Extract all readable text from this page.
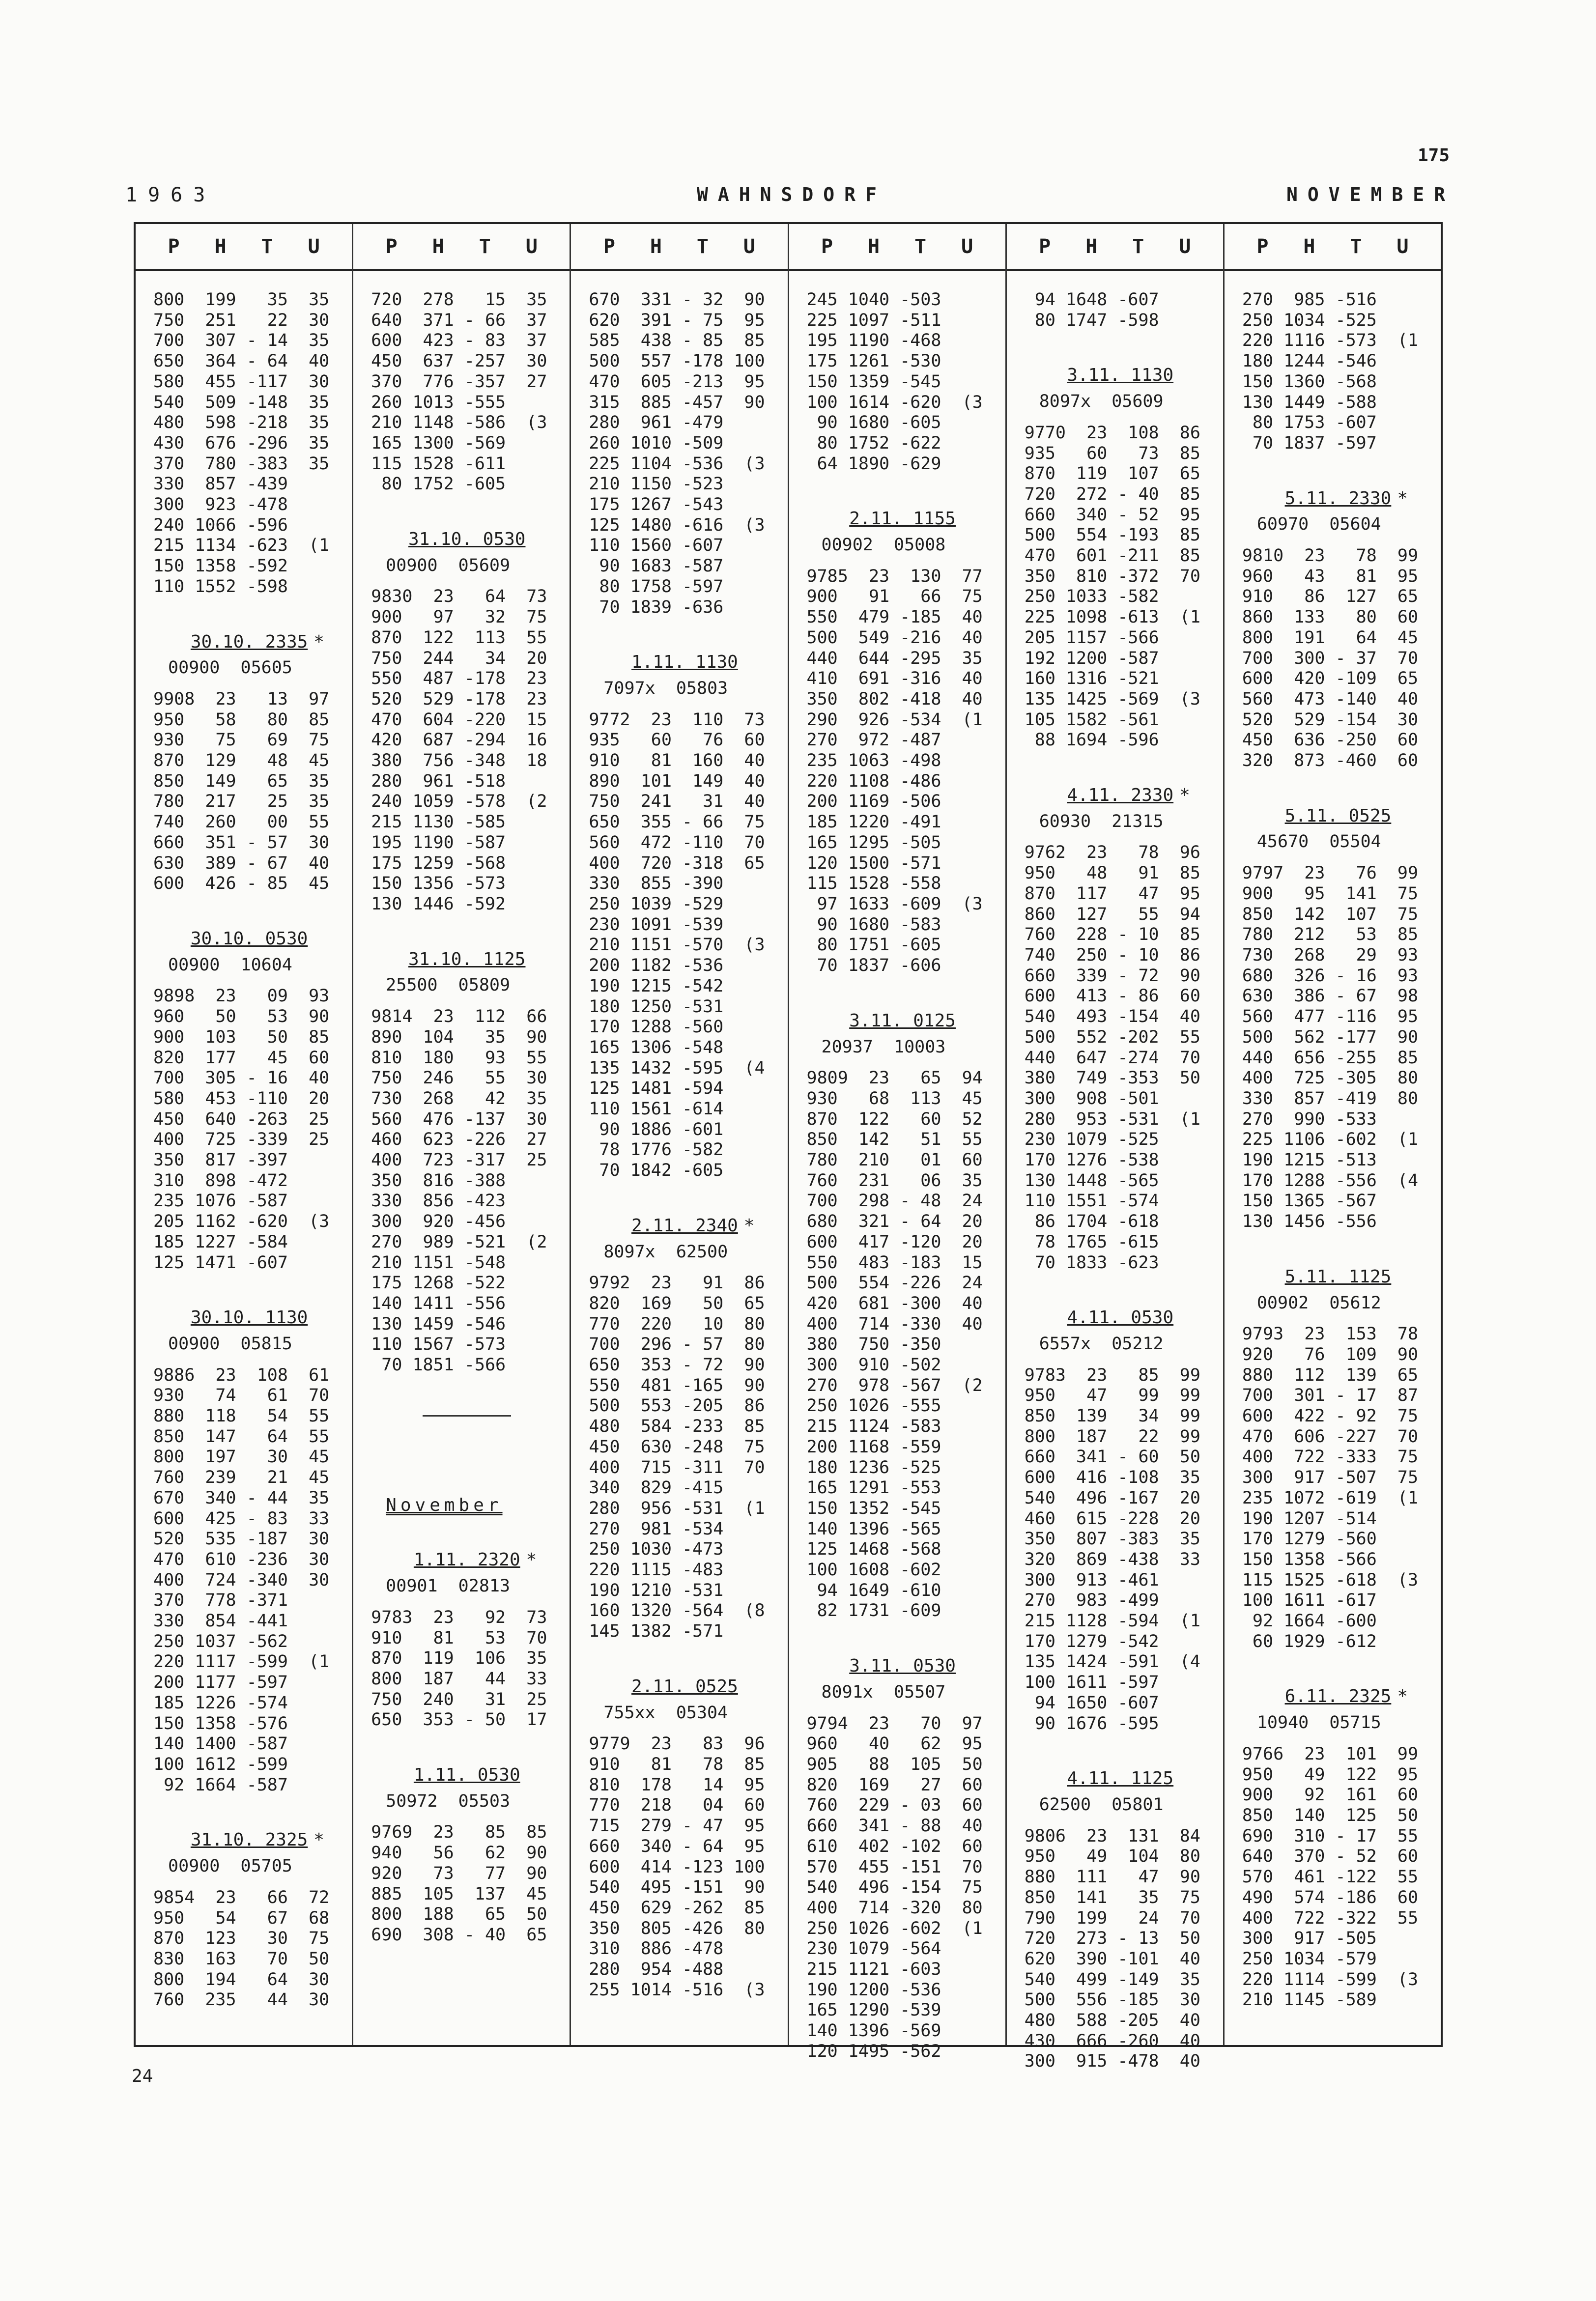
175
1963	WAHNSDORF	NOVEMBER
P H T U
800  199   35  35
750  251   22  30
700  307 - 14  35
650  364 - 64  40
580  455 -117  30
540  509 -148  35
480  598 -218  35
430  676 -296  35
370  780 -383  35
330  857 -439
300  923 -478
240 1066 -596
215 1134 -623  (1
150 1358 -592
110 1552 -598
30.10. 2335 *
00900  05605
9908  23   13  97
950   58   80  85
930   75   69  75
870  129   48  45
850  149   65  35
780  217   25  35
740  260   00  55
660  351 - 57  30
630  389 - 67  40
600  426 - 85  45
30.10. 0530
00900  10604
9898  23   09  93
960   50   53  90
900  103   50  85
820  177   45  60
700  305 - 16  40
580  453 -110  20
450  640 -263  25
400  725 -339  25
350  817 -397
310  898 -472
235 1076 -587
205 1162 -620  (3
185 1227 -584
125 1471 -607
30.10. 1130
00900  05815
9886  23  108  61
930   74   61  70
880  118   54  55
850  147   64  55
800  197   30  45
760  239   21  45
670  340 - 44  35
600  425 - 83  33
520  535 -187  30
470  610 -236  30
400  724 -340  30
370  778 -371
330  854 -441
250 1037 -562
220 1117 -599  (1
200 1177 -597
185 1226 -574
150 1358 -576
140 1400 -587
100 1612 -599
92 1664 -587
31.10. 2325 *
00900  05705
9854  23   66  72
950   54   67  68
870  123   30  75
830  163   70  50
800  194   64  30
760  235   44  30
P H T U
720  278   15  35
640  371 - 66  37
600  423 - 83  37
450  637 -257  30
370  776 -357  27
260 1013 -555
210 1148 -586  (3
165 1300 -569
115 1528 -611
80 1752 -605
31.10. 0530
00900  05609
9830  23   64  73
900   97   32  75
870  122  113  55
750  244   34  20
550  487 -178  23
520  529 -178  23
470  604 -220  15
420  687 -294  16
380  756 -348  18
280  961 -518
240 1059 -578  (2
215 1130 -585
195 1190 -587
175 1259 -568
150 1356 -573
130 1446 -592
31.10. 1125
25500  05809
9814  23  112  66
890  104   35  90
810  180   93  55
750  246   55  30
730  268   42  35
560  476 -137  30
460  623 -226  27
400  723 -317  25
350  816 -388
330  856 -423
300  920 -456
270  989 -521  (2
210 1151 -548
175 1268 -522
140 1411 -556
130 1459 -546
110 1567 -573
70 1851 -566
November
1.11. 2320 *
00901  02813
9783  23   92  73
910   81   53  70
870  119  106  35
800  187   44  33
750  240   31  25
650  353 - 50  17
1.11. 0530
50972  05503
9769  23   85  85
940   56   62  90
920   73   77  90
885  105  137  45
800  188   65  50
690  308 - 40  65
P H T U
670  331 - 32  90
620  391 - 75  95
585  438 - 85  85
500  557 -178 100
470  605 -213  95
315  885 -457  90
280  961 -479
260 1010 -509
225 1104 -536  (3
210 1150 -523
175 1267 -543
125 1480 -616  (3
110 1560 -607
90 1683 -587
80 1758 -597
70 1839 -636
1.11. 1130
7097x  05803
9772  23  110  73
935   60   76  60
910   81  160  40
890  101  149  40
750  241   31  40
650  355 - 66  75
560  472 -110  70
400  720 -318  65
330  855 -390
250 1039 -529
230 1091 -539
210 1151 -570  (3
200 1182 -536
190 1215 -542
180 1250 -531
170 1288 -560
165 1306 -548
135 1432 -595  (4
125 1481 -594
110 1561 -614
90 1886 -601
78 1776 -582
70 1842 -605
2.11. 2340 *
8097x  62500
9792  23   91  86
820  169   50  65
770  220   10  80
700  296 - 57  80
650  353 - 72  90
550  481 -165  90
500  553 -205  86
480  584 -233  85
450  630 -248  75
400  715 -311  70
340  829 -415
280  956 -531  (1
270  981 -534
250 1030 -473
220 1115 -483
190 1210 -531
160 1320 -564  (8
145 1382 -571
2.11. 0525
755xx  05304
9779  23   83  96
910   81   78  85
810  178   14  95
770  218   04  60
715  279 - 47  95
660  340 - 64  95
600  414 -123 100
540  495 -151  90
450  629 -262  85
350  805 -426  80
310  886 -478
280  954 -488
255 1014 -516  (3
P H T U
245 1040 -503
225 1097 -511
195 1190 -468
175 1261 -530
150 1359 -545
100 1614 -620  (3
90 1680 -605
80 1752 -622
64 1890 -629
2.11. 1155
00902  05008
9785  23  130  77
900   91   66  75
550  479 -185  40
500  549 -216  40
440  644 -295  35
410  691 -316  40
350  802 -418  40
290  926 -534  (1
270  972 -487
235 1063 -498
220 1108 -486
200 1169 -506
185 1220 -491
165 1295 -505
120 1500 -571
115 1528 -558
97 1633 -609  (3
90 1680 -583
80 1751 -605
70 1837 -606
3.11. 0125
20937  10003
9809  23   65  94
930   68  113  45
870  122   60  52
850  142   51  55
780  210   01  60
760  231   06  35
700  298 - 48  24
680  321 - 64  20
600  417 -120  20
550  483 -183  15
500  554 -226  24
420  681 -300  40
400  714 -330  40
380  750 -350
300  910 -502
270  978 -567  (2
250 1026 -555
215 1124 -583
200 1168 -559
180 1236 -525
165 1291 -553
150 1352 -545
140 1396 -565
125 1468 -568
100 1608 -602
94 1649 -610
82 1731 -609
3.11. 0530
8091x  05507
9794  23   70  97
960   40   62  95
905   88  105  50
820  169   27  60
760  229 - 03  60
660  341 - 88  40
610  402 -102  60
570  455 -151  70
540  496 -154  75
400  714 -320  80
250 1026 -602  (1
230 1079 -564
215 1121 -603
190 1200 -536
165 1290 -539
140 1396 -569
120 1495 -562
P H T U
94 1648 -607
80 1747 -598
3.11. 1130
8097x  05609
9770  23  108  86
935   60   73  85
870  119  107  65
720  272 - 40  85
660  340 - 52  95
500  554 -193  85
470  601 -211  85
350  810 -372  70
250 1033 -582
225 1098 -613  (1
205 1157 -566
192 1200 -587
160 1316 -521
135 1425 -569  (3
105 1582 -561
88 1694 -596
4.11. 2330 *
60930  21315
9762  23   78  96
950   48   91  85
870  117   47  95
860  127   55  94
760  228 - 10  85
740  250 - 10  86
660  339 - 72  90
600  413 - 86  60
540  493 -154  40
500  552 -202  55
440  647 -274  70
380  749 -353  50
300  908 -501
280  953 -531  (1
230 1079 -525
170 1276 -538
130 1448 -565
110 1551 -574
86 1704 -618
78 1765 -615
70 1833 -623
4.11. 0530
6557x  05212
9783  23   85  99
950   47   99  99
850  139   34  99
800  187   22  99
660  341 - 60  50
600  416 -108  35
540  496 -167  20
460  615 -228  20
350  807 -383  35
320  869 -438  33
300  913 -461
270  983 -499
215 1128 -594  (1
170 1279 -542
135 1424 -591  (4
100 1611 -597
94 1650 -607
90 1676 -595
4.11. 1125
62500  05801
9806  23  131  84
950   49  104  80
880  111   47  90
850  141   35  75
790  199   24  70
720  273 - 13  50
620  390 -101  40
540  499 -149  35
500  556 -185  30
480  588 -205  40
430  666 -260  40
300  915 -478  40
P H T U
270  985 -516
250 1034 -525
220 1116 -573  (1
180 1244 -546
150 1360 -568
130 1449 -588
80 1753 -607
70 1837 -597
5.11. 2330 *
60970  05604
9810  23   78  99
960   43   81  95
910   86  127  65
860  133   80  60
800  191   64  45
700  300 - 37  70
600  420 -109  65
560  473 -140  40
520  529 -154  30
450  636 -250  60
320  873 -460  60
5.11. 0525
45670  05504
9797  23   76  99
900   95  141  75
850  142  107  75
780  212   53  85
730  268   29  93
680  326 - 16  93
630  386 - 67  98
560  477 -116  95
500  562 -177  90
440  656 -255  85
400  725 -305  80
330  857 -419  80
270  990 -533
225 1106 -602  (1
190 1215 -513
170 1288 -556  (4
150 1365 -567
130 1456 -556
5.11. 1125
00902  05612
9793  23  153  78
920   76  109  90
880  112  139  65
700  301 - 17  87
600  422 - 92  75
470  606 -227  70
400  722 -333  75
300  917 -507  75
235 1072 -619  (1
190 1207 -514
170 1279 -560
150 1358 -566
115 1525 -618  (3
100 1611 -617
92 1664 -600
60 1929 -612
6.11. 2325 *
10940  05715
9766  23  101  99
950   49  122  95
900   92  161  60
850  140  125  50
690  310 - 17  55
640  370 - 52  60
570  461 -122  55
490  574 -186  60
400  722 -322  55
300  917 -505
250 1034 -579
220 1114 -599  (3
210 1145 -589
24
